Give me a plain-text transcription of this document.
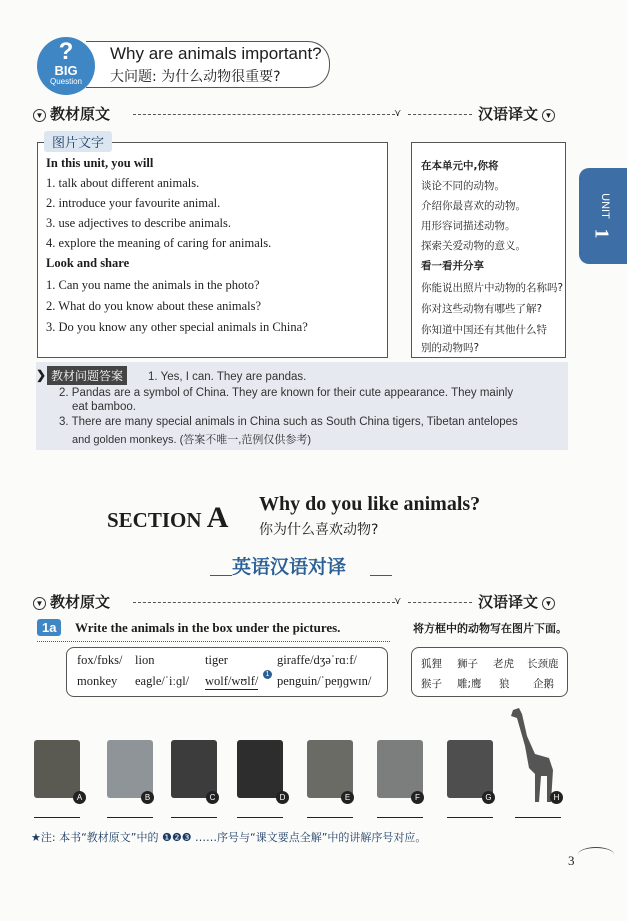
?
BIG
Question
Why are animals important?
大问题: 为什么动物很重要?
▼ 教材原文	⋎	汉语译文 ▼
In this unit, you will
1. talk about different animals.
2. introduce your favourite animal.
3. use adjectives to describe animals.
4. explore the meaning of caring for animals.
Look and share
1. Can you name the animals in the photo?
2. What do you know about these animals?
3. Do you know any other special animals in China?
图片文字
在本单元中,你将
谈论不同的动物。
介绍你最喜欢的动物。
用形容词描述动物。
探索关爱动物的意义。
看一看并分享
你能说出照片中动物的名称吗?
你对这些动物有哪些了解?
你知道中国还有其他什么特
别的动物吗?
UNIT
1
❯ 教材问题答案	1. Yes, I can. They are pandas.
2. Pandas are a symbol of China. They are known for their cute appearance. They mainly
eat bamboo.
3. There are many special animals in China such as South China tigers, Tibetan antelopes
and golden monkeys. (答案不唯一,范例仅供参考)
SECTION A Why do you like animals?
你为什么喜欢动物?
英语汉语对译
▼ 教材原文	⋎	汉语译文 ▼
1a	Write the animals in the box under the pictures.	将方框中的动物写在图片下面。
fox/fɒks/ lion	tiger	giraffe/dʒəˈrɑːf/
monkey eagle/ˈiːɡl/ wolf/wʊlf/	1 penguin/ˈpeŋɡwɪn/
狐狸 狮子 老虎 长颈鹿
猴子 雕;鹰 狼 企鹅
A	B	C	D	E	F	G	H
★注: 本书“教材原文”中的 ❶❷❸ ……序号与“课文要点全解”中的讲解序号对应。
3
